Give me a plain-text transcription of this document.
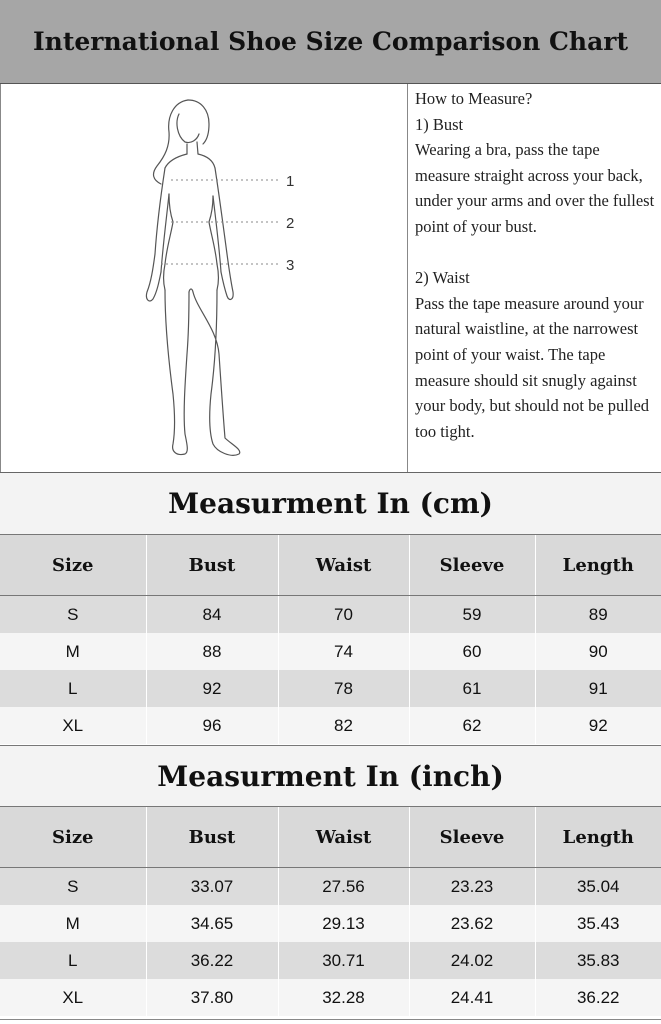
International Shoe Size Comparison Chart
1
2
3

How to Measure?

1) Bust

Wearing a bra, pass the tape measure straight across your back, under your arms and over the fullest point of your bust.

2) Waist

Pass the tape measure around your natural waistline, at the narrowest point of your waist. The tape measure should sit snugly against your body, but should not be pulled too tight.

Measurment In (cm)
Size	Bust	Waist	Sleeve	Length
S	84	70	59	89
M	88	74	60	90
L	92	78	61	91
XL	96	82	62	92
Measurment In (inch)
Size	Bust	Waist	Sleeve	Length
S	33.07	27.56	23.23	35.04
M	34.65	29.13	23.62	35.43
L	36.22	30.71	24.02	35.83
XL	37.80	32.28	24.41	36.22
